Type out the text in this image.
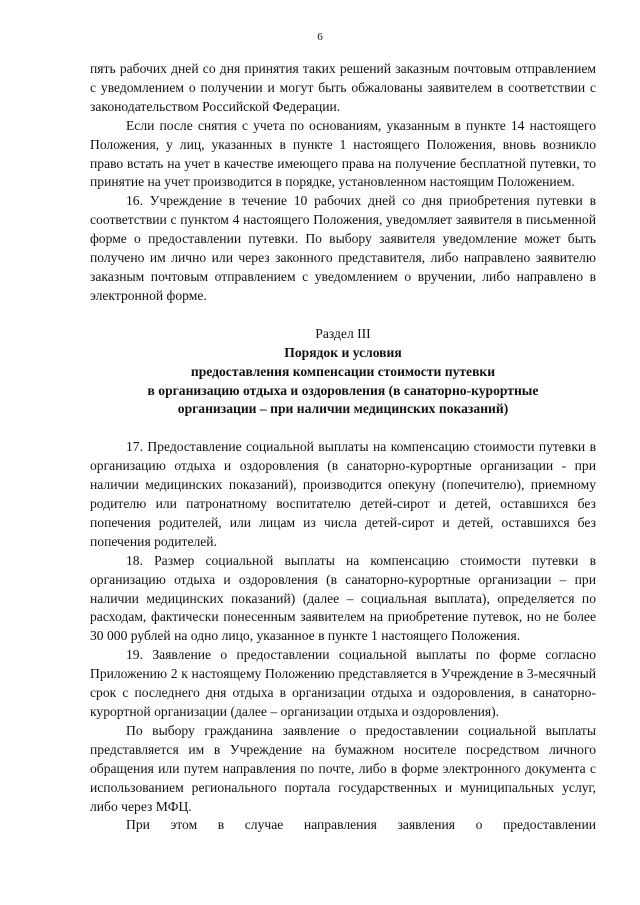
6

пять рабочих дней со дня принятия таких решений заказным почтовым отправлением с уведомлением о получении и могут быть обжалованы заявителем в соответствии с законодательством Российской Федерации.

Если после снятия с учета по основаниям, указанным в пункте 14 настоящего Положения, у лиц, указанных в пункте 1 настоящего Положения, вновь возникло право встать на учет в качестве имеющего права на получение бесплатной путевки, то принятие на учет производится в порядке, установленном настоящим Положением.

16. Учреждение в течение 10 рабочих дней со дня приобретения путевки в соответствии с пунктом 4 настоящего Положения, уведомляет заявителя в письменной форме о предоставлении путевки. По выбору заявителя уведомление может быть получено им лично или через законного представителя, либо направлено заявителю заказным почтовым отправлением с уведомлением о вручении, либо направлено в электронной форме.

Раздел III

Порядок и условия

предоставления компенсации стоимости путевки

в организацию отдыха и оздоровления (в санаторно-курортные

организации – при наличии медицинских показаний)

17. Предоставление социальной выплаты на компенсацию стоимости путевки в организацию отдыха и оздоровления (в санаторно-курортные организации - при наличии медицинских показаний), производится опекуну (попечителю), приемному родителю или патронатному воспитателю детей-сирот и детей, оставшихся без попечения родителей, или лицам из числа детей-сирот и детей, оставшихся без попечения родителей.

18. Размер социальной выплаты на компенсацию стоимости путевки в организацию отдыха и оздоровления (в санаторно-курортные организации – при наличии медицинских показаний) (далее – социальная выплата), определяется по расходам, фактически понесенным заявителем на приобретение путевок, но не более 30 000 рублей на одно лицо, указанное в пункте 1 настоящего Положения.

19. Заявление о предоставлении социальной выплаты по форме согласно Приложению 2 к настоящему Положению представляется в Учреждение в 3-месячный срок с последнего дня отдыха в организации отдыха и оздоровления, в санаторно-курортной организации (далее – организации отдыха и оздоровления).

По выбору гражданина заявление о предоставлении социальной выплаты представляется им в Учреждение на бумажном носителе посредством личного обращения или путем направления по почте, либо в форме электронного документа с использованием регионального портала государственных и муниципальных услуг, либо через МФЦ.

При этом в случае направления заявления о предоставлении
